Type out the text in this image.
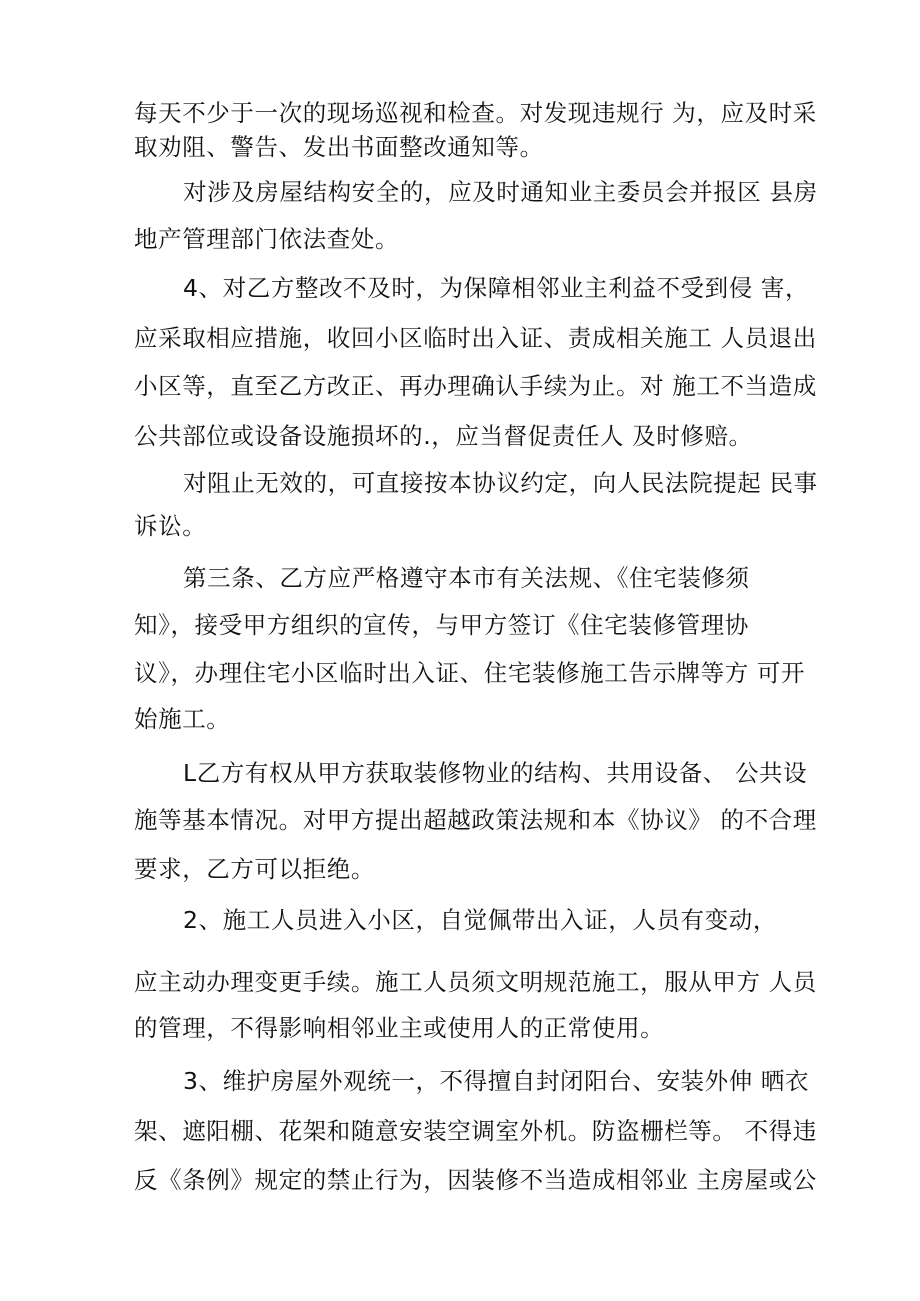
每天不少于一次的现场巡视和检查。对发现违规行 为，应及时采
取劝阻、警告、发出书面整改通知等。
对涉及房屋结构安全的，应及时通知业主委员会并报区 县房
地产管理部门依法查处。
4、对乙方整改不及时，为保障相邻业主利益不受到侵 害，
应采取相应措施，收回小区临时出入证、责成相关施工 人员退出
小区等，直至乙方改正、再办理确认手续为止。对 施工不当造成
公共部位或设备设施损坏的.，应当督促责任人 及时修赔。
对阻止无效的，可直接按本协议约定，向人民法院提起 民事
诉讼。
第三条、乙方应严格遵守本市有关法规、《住宅装修须
知》，接受甲方组织的宣传，与甲方签订《住宅装修管理协
议》，办理住宅小区临时出入证、住宅装修施工告示牌等方 可开
始施工。
L乙方有权从甲方获取装修物业的结构、共用设备、 公共设
施等基本情况。对甲方提出超越政策法规和本《协议》 的不合理
要求，乙方可以拒绝。
2、施工人员进入小区，自觉佩带出入证，人员有变动，
应主动办理变更手续。施工人员须文明规范施工，服从甲方 人员
的管理，不得影响相邻业主或使用人的正常使用。
3、维护房屋外观统一，不得擅自封闭阳台、安装外伸 晒衣
架、遮阳棚、花架和随意安装空调室外机。防盗栅栏等。 不得违
反《条例》规定的禁止行为，因装修不当造成相邻业 主房屋或公
